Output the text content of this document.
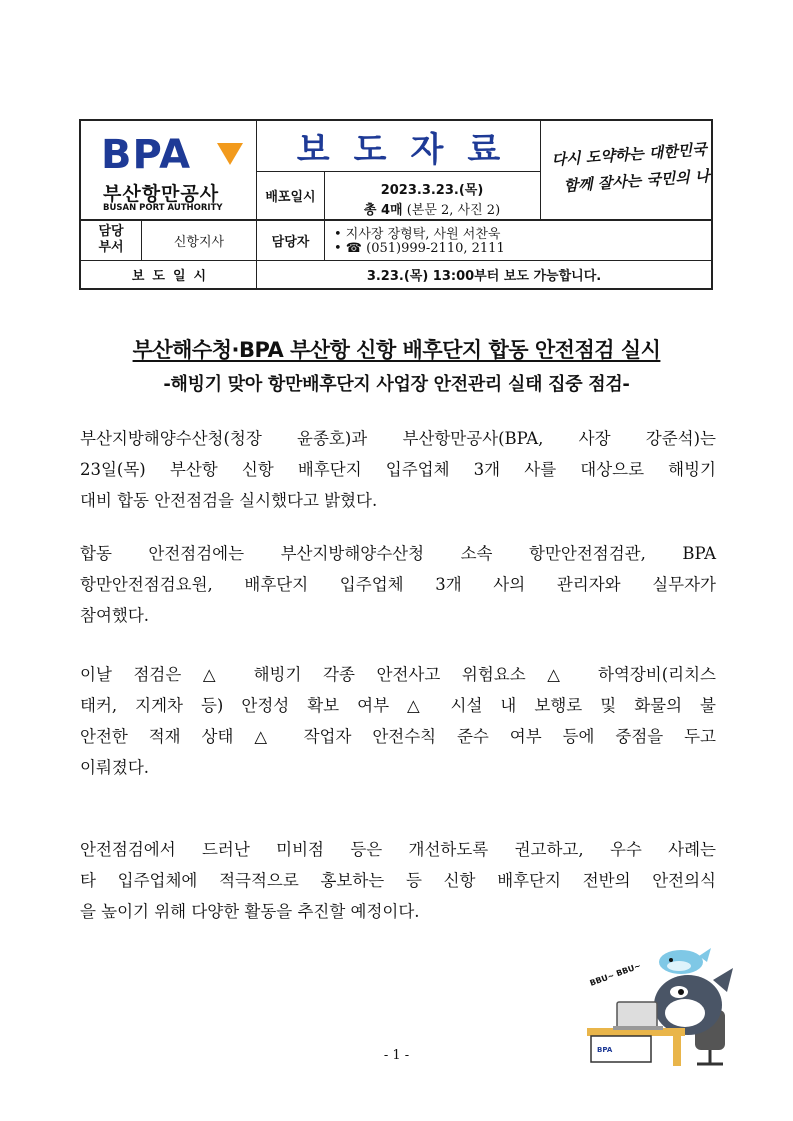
BPA
부산항만공사
BUSAN PORT AUTHORITY
보도자료
배포일시	2023.3.23.(목)
총 4매 (본문 2, 사진 2)
다시 도약하는 대한민국
함께 잘사는 국민의 나라
담당
부서	신항지사	담당자	• 지사장 장형탁, 사원 서찬욱
• ☎ (051)999-2110, 2111
보도일시	3.23.(목) 13:00부터 보도 가능합니다.
부산해수청·BPA 부산항 신항 배후단지 합동 안전점검 실시
-해빙기 맞아 항만배후단지 사업장 안전관리 실태 집중 점검-
부산지방해양수산청(청장 윤종호)과 부산항만공사(BPA, 사장 강준석)는
23일(목) 부산항 신항 배후단지 입주업체 3개 사를 대상으로 해빙기
대비 합동 안전점검을 실시했다고 밝혔다.
합동 안전점검에는 부산지방해양수산청 소속 항만안전점검관, BPA
항만안전점검요원, 배후단지 입주업체 3개 사의 관리자와 실무자가
참여했다.
이날 점검은 △ 해빙기 각종 안전사고 위험요소 △ 하역장비(리치스
태커, 지게차 등) 안정성 확보 여부 △ 시설 내 보행로 및 화물의 불
안전한 적재 상태 △ 작업자 안전수칙 준수 여부 등에 중점을 두고
이뤄졌다.
안전점검에서 드러난 미비점 등은 개선하도록 권고하고, 우수 사례는
타 입주업체에 적극적으로 홍보하는 등 신항 배후단지 전반의 안전의식
을 높이기 위해 다양한 활동을 추진할 예정이다.
BPA
BBU~ BBU~
- 1 -
